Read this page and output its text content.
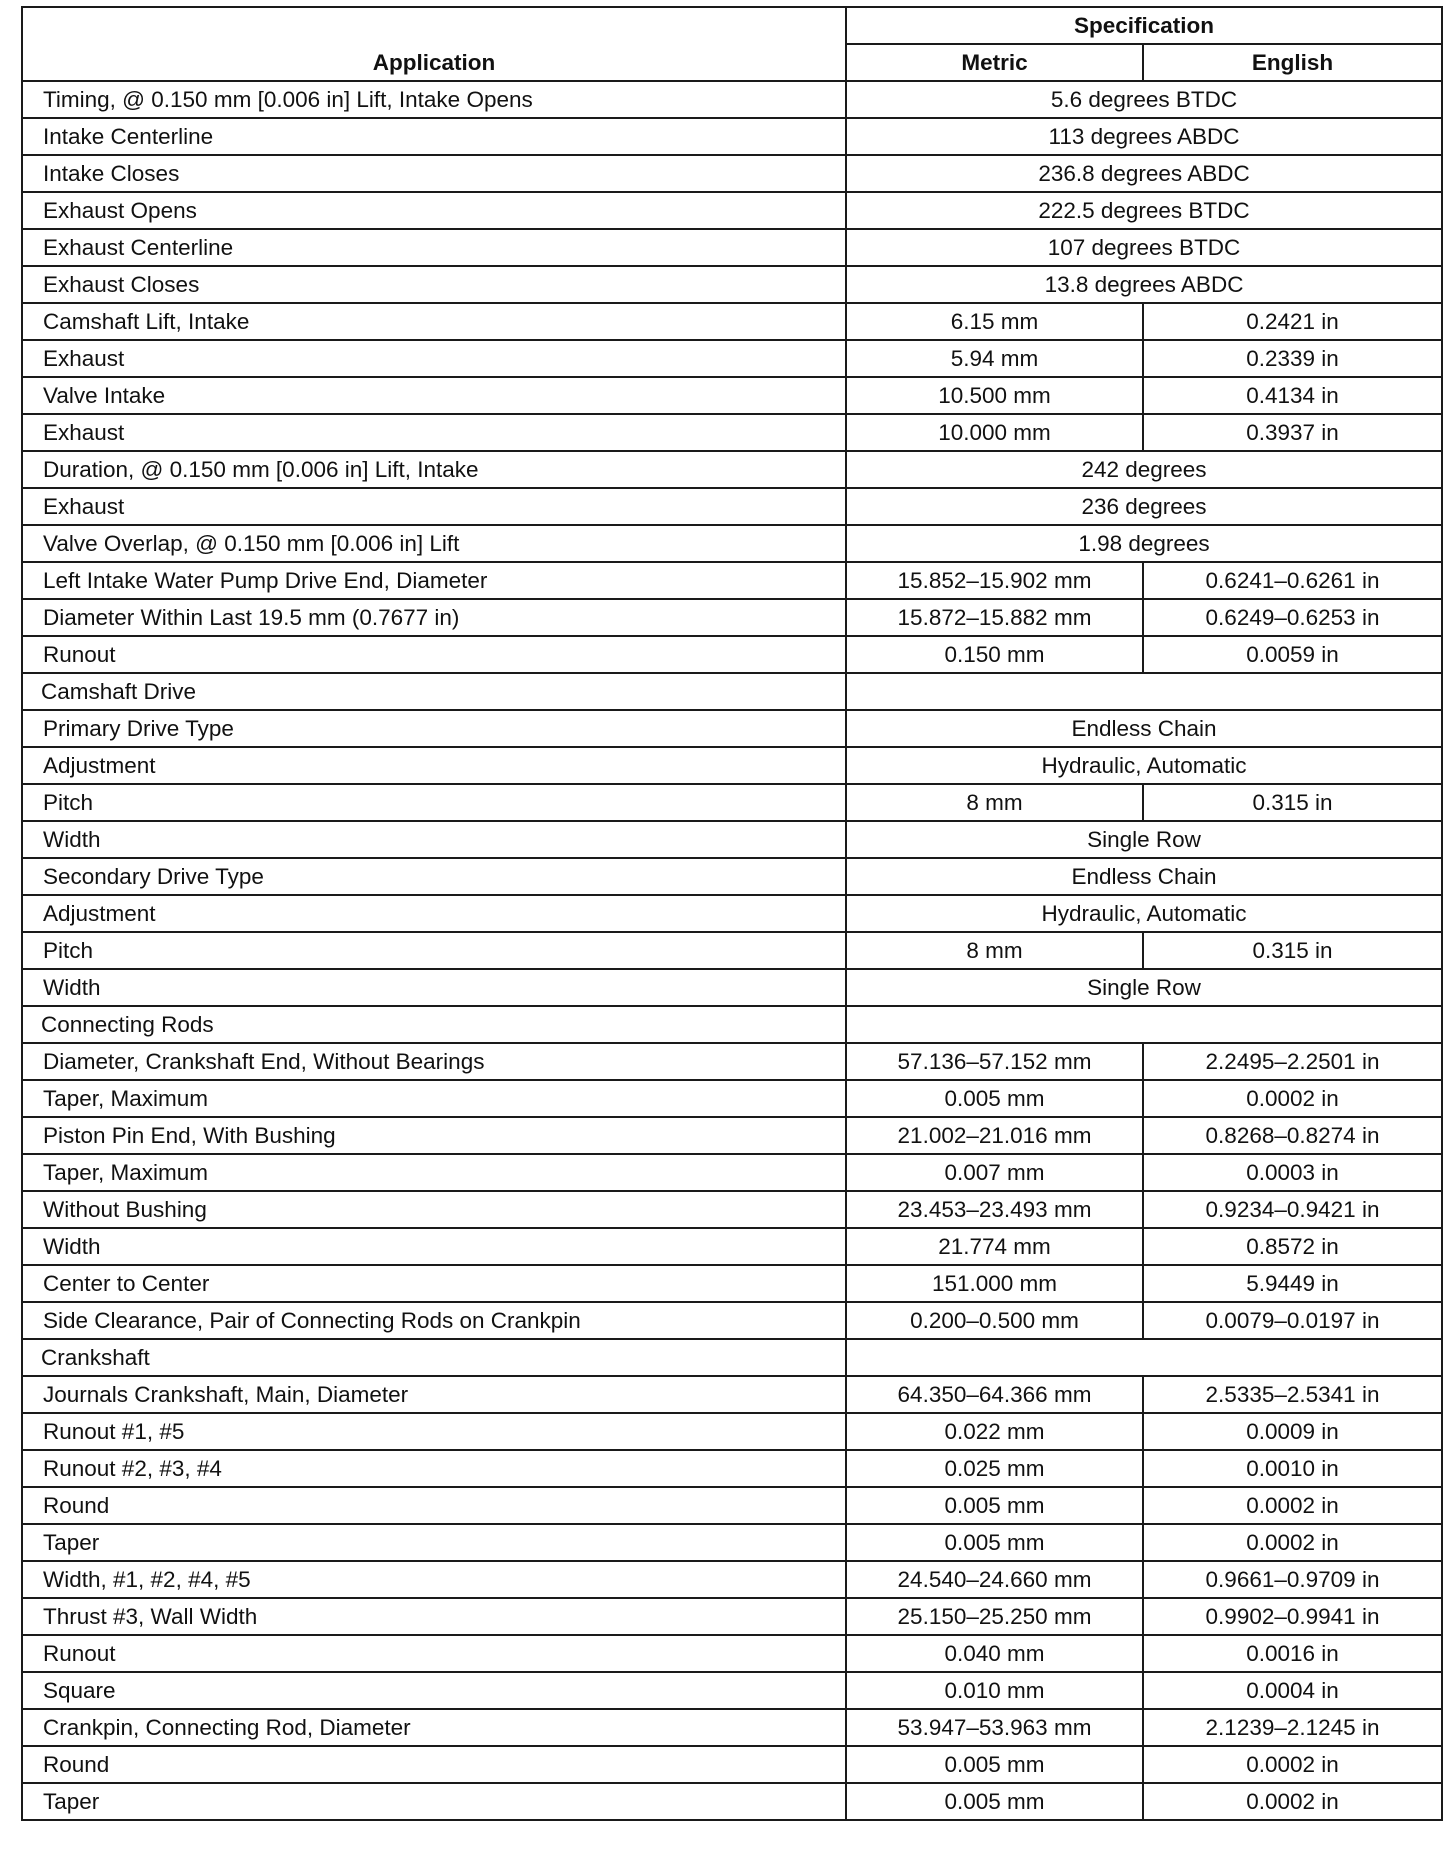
Application	Specification	
	Metric	English
Timing, @ 0.150 mm [0.006 in] Lift, Intake Opens	5.6 degrees BTDC	
Intake Centerline	113 degrees ABDC	
Intake Closes	236.8 degrees ABDC	
Exhaust Opens	222.5 degrees BTDC	
Exhaust Centerline	107 degrees BTDC	
Exhaust Closes	13.8 degrees ABDC	
Camshaft Lift, Intake	6.15 mm	0.2421 in
Exhaust	5.94 mm	0.2339 in
Valve Intake	10.500 mm	0.4134 in
Exhaust	10.000 mm	0.3937 in
Duration, @ 0.150 mm [0.006 in] Lift, Intake	242 degrees	
Exhaust	236 degrees	
Valve Overlap, @ 0.150 mm [0.006 in] Lift	1.98 degrees	
Left Intake Water Pump Drive End, Diameter	15.852–15.902 mm	0.6241–0.6261 in
Diameter Within Last 19.5 mm (0.7677 in)	15.872–15.882 mm	0.6249–0.6253 in
Runout	0.150 mm	0.0059 in
Camshaft Drive		
Primary Drive Type	Endless Chain	
Adjustment	Hydraulic, Automatic	
Pitch	8 mm	0.315 in
Width	Single Row	
Secondary Drive Type	Endless Chain	
Adjustment	Hydraulic, Automatic	
Pitch	8 mm	0.315 in
Width	Single Row	
Connecting Rods		
Diameter, Crankshaft End, Without Bearings	57.136–57.152 mm	2.2495–2.2501 in
Taper, Maximum	0.005 mm	0.0002 in
Piston Pin End, With Bushing	21.002–21.016 mm	0.8268–0.8274 in
Taper, Maximum	0.007 mm	0.0003 in
Without Bushing	23.453–23.493 mm	0.9234–0.9421 in
Width	21.774 mm	0.8572 in
Center to Center	151.000 mm	5.9449 in
Side Clearance, Pair of Connecting Rods on Crankpin	0.200–0.500 mm	0.0079–0.0197 in
Crankshaft		
Journals Crankshaft, Main, Diameter	64.350–64.366 mm	2.5335–2.5341 in
Runout #1, #5	0.022 mm	0.0009 in
Runout #2, #3, #4	0.025 mm	0.0010 in
Round	0.005 mm	0.0002 in
Taper	0.005 mm	0.0002 in
Width, #1, #2, #4, #5	24.540–24.660 mm	0.9661–0.9709 in
Thrust #3, Wall Width	25.150–25.250 mm	0.9902–0.9941 in
Runout	0.040 mm	0.0016 in
Square	0.010 mm	0.0004 in
Crankpin, Connecting Rod, Diameter	53.947–53.963 mm	2.1239–2.1245 in
Round	0.005 mm	0.0002 in
Taper	0.005 mm	0.0002 in
